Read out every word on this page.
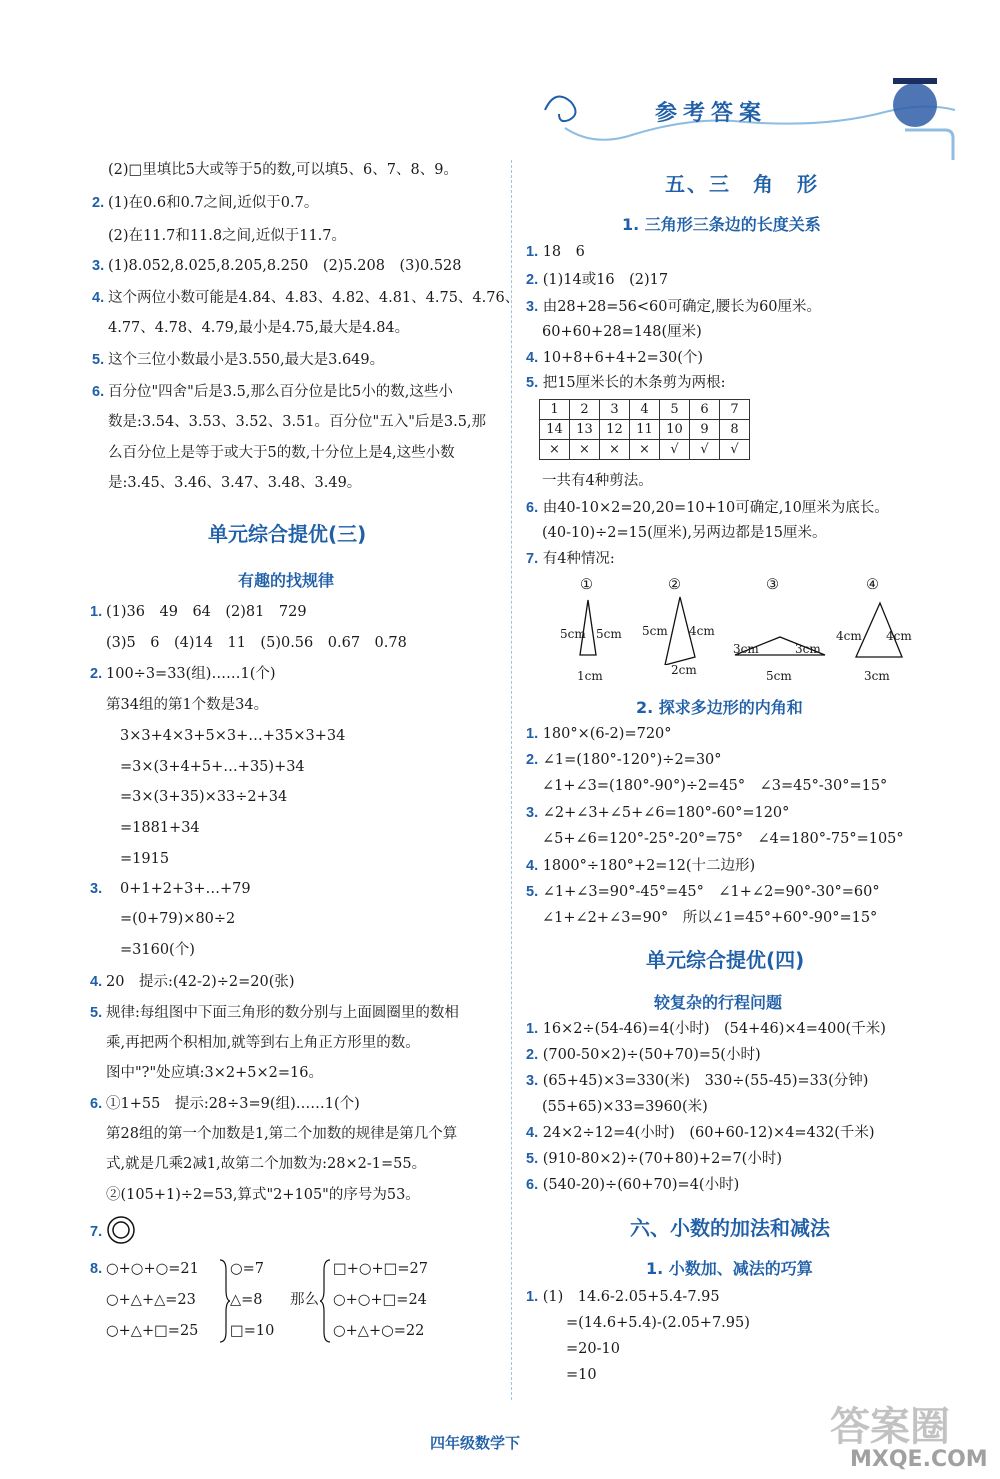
参考答案
(2)□里填比5大或等于5的数,可以填5、6、7、8、9。
2. (1)在0.6和0.7之间,近似于0.7。
(2)在11.7和11.8之间,近似于11.7。
3. (1)8.052,8.025,8.205,8.250　(2)5.208　(3)0.528
4. 这个两位小数可能是4.84、4.83、4.82、4.81、4.75、4.76、
4.77、4.78、4.79,最小是4.75,最大是4.84。
5. 这个三位小数最小是3.550,最大是3.649。
6. 百分位"四舍"后是3.5,那么百分位是比5小的数,这些小
数是:3.54、3.53、3.52、3.51。百分位"五入"后是3.5,那
么百分位上是等于或大于5的数,十分位上是4,这些小数
是:3.45、3.46、3.47、3.48、3.49。
单元综合提优(三)
有趣的找规律
1. (1)36　49　64　(2)81　729
(3)5　6　(4)14　11　(5)0.56　0.67　0.78
2. 100÷3=33(组)……1(个)
第34组的第1个数是34。
3×3+4×3+5×3+…+35×3+34
=3×(3+4+5+…+35)+34
=3×(3+35)×33÷2+34
=1881+34
=1915
3. 0+1+2+3+…+79
=(0+79)×80÷2
=3160(个)
4. 20　提示:(42-2)÷2=20(张)
5. 规律:每组图中下面三角形的数分别与上面圆圈里的数相
乘,再把两个积相加,就等到右上角正方形里的数。
图中"?"处应填:3×2+5×2=16。
6. ①1+55　提示:28÷3=9(组)……1(个)
第28组的第一个加数是1,第二个加数的规律是第几个算
式,就是几乘2减1,故第二个加数为:28×2-1=55。
②(105+1)÷2=53,算式"2+105"的序号为53。
7.
8. ○+○+○=21
○+△+△=23
○+△+□=25
○=7
△=8
□=10
那么
□+○+□=27
○+○+□=24
○+△+○=22
五、三　角　形
1. 三角形三条边的长度关系
1. 18　6
2. (1)14或16　(2)17
3. 由28+28=56<60可确定,腰长为60厘米。
60+60+28=148(厘米)
4. 10+8+6+4+2=30(个)
5. 把15厘米长的木条剪为两根:
1	2	3	4	5	6	7
14	13	12	11	10	9	8
×	×	×	×	√	√	√
一共有4种剪法。
6. 由40-10×2=20,20=10+10可确定,10厘米为底长。
(40-10)÷2=15(厘米),另两边都是15厘米。
7. 有4种情况:
①	②	③	④
5cm 5cm
1cm
5cm 4cm
2cm
3cm	3cm
5cm
4cm 4cm
3cm
2. 探求多边形的内角和
1. 180°×(6-2)=720°
2. ∠1=(180°-120°)÷2=30°
∠1+∠3=(180°-90°)÷2=45°　∠3=45°-30°=15°
3. ∠2+∠3+∠5+∠6=180°-60°=120°
∠5+∠6=120°-25°-20°=75°　∠4=180°-75°=105°
4. 1800°÷180°+2=12(十二边形)
5. ∠1+∠3=90°-45°=45°　∠1+∠2=90°-30°=60°
∠1+∠2+∠3=90°　所以∠1=45°+60°-90°=15°
单元综合提优(四)
较复杂的行程问题
1. 16×2÷(54-46)=4(小时)　(54+46)×4=400(千米)
2. (700-50×2)÷(50+70)=5(小时)
3. (65+45)×3=330(米)　330÷(55-45)=33(分钟)
(55+65)×33=3960(米)
4. 24×2÷12=4(小时)　(60+60-12)×4=432(千米)
5. (910-80×2)÷(70+80)+2=7(小时)
6. (540-20)÷(60+70)=4(小时)
六、小数的加法和减法
1. 小数加、减法的巧算
1. (1)　14.6-2.05+5.4-7.95
=(14.6+5.4)-(2.05+7.95)
=20-10
=10
四年级数学下	答案圈
MXQE.COM
